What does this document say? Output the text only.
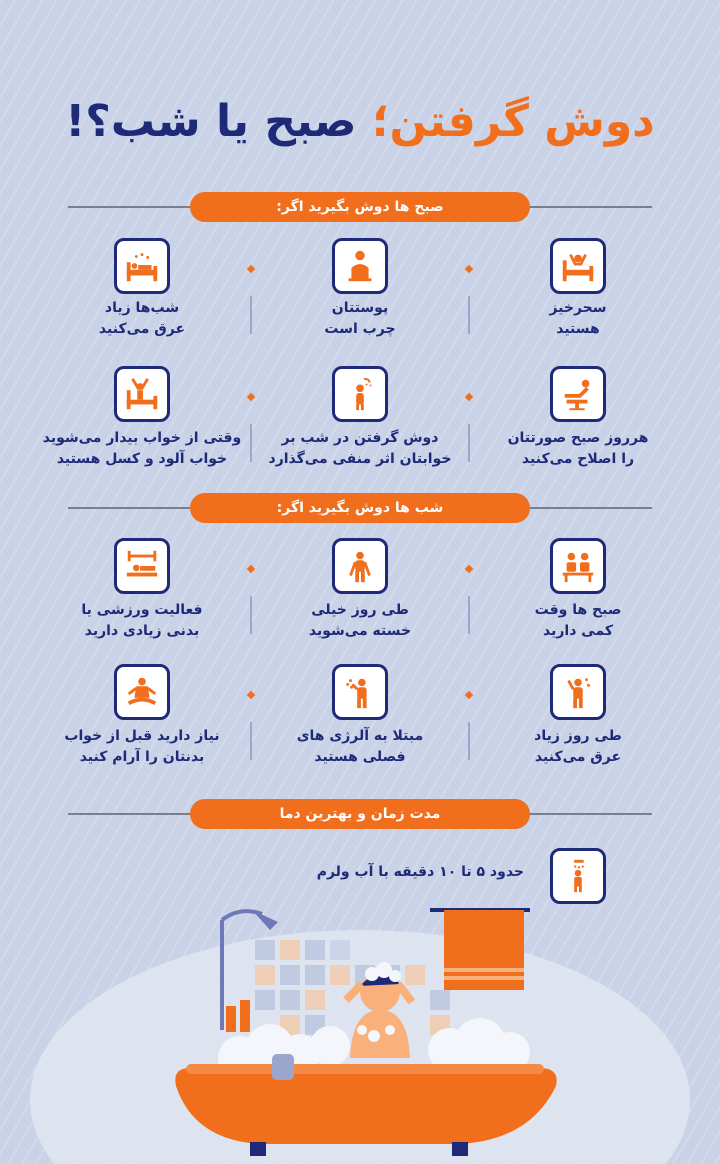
دوش گرفتن؛ صبح یا شب؟!
صبح ها دوش بگیرید اگر:
سحرخیز
هستید
پوستتان
چرب است
شب‌ها زیاد
عرق می‌کنید
هرروز صبح صورتتان
را اصلاح می‌کنید
دوش گرفتن در شب بر
خوابتان اثر منفی می‌گذارد
وقتی از خواب بیدار می‌شوید
خواب آلود و کسل هستید
شب ها دوش بگیرید اگر:
صبح ها وقت
کمی دارید
طی روز خیلی
خسته می‌شوید
فعالیت ورزشی یا
بدنی زیادی دارید
طی روز زیاد
عرق می‌کنید
مبتلا به آلرژی های
فصلی هستید
نیاز دارید قبل از خواب
بدنتان را آرام کنید
مدت زمان و بهترین دما
حدود ۵ تا ۱۰ دقیقه با آب ولرم
